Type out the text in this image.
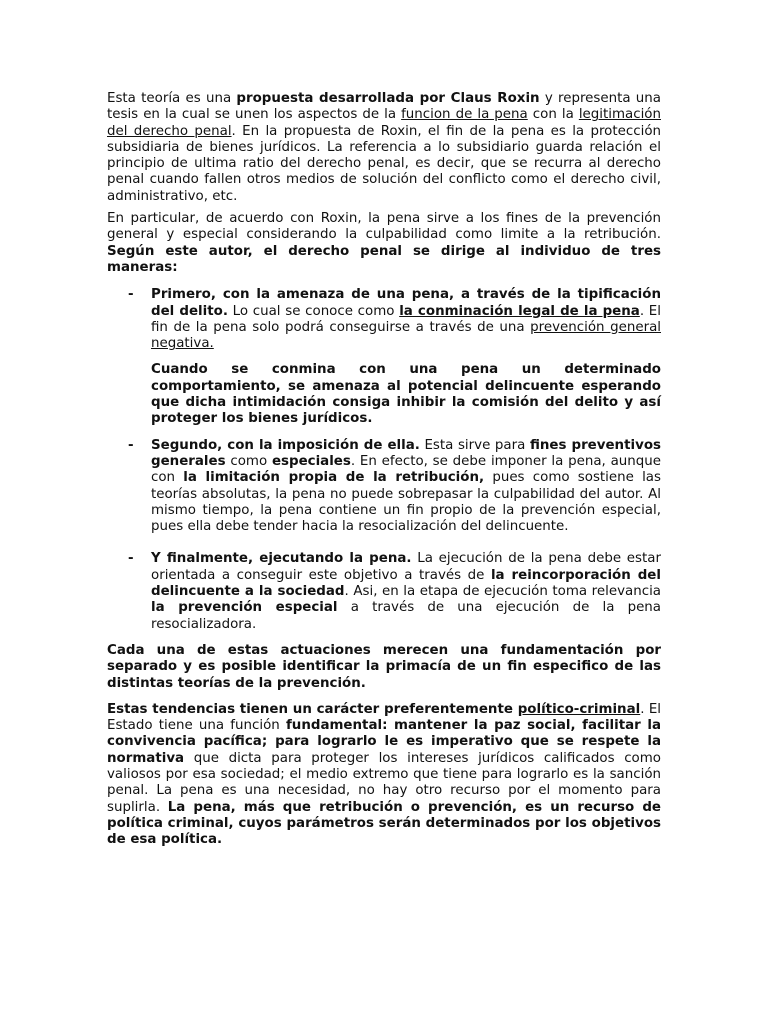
Esta teoría es una propuesta desarrollada por Claus Roxin y representa una tesis en la cual se unen los aspectos de la funcion de la pena con la legitimación del derecho penal. En la propuesta de Roxin, el fin de la pena es la protección subsidiaria de bienes jurídicos. La referencia a lo subsidiario guarda relación el principio de ultima ratio del derecho penal, es decir, que se recurra al derecho penal cuando fallen otros medios de solución del conflicto como el derecho civil, administrativo, etc.

En particular, de acuerdo con Roxin, la pena sirve a los fines de la prevención general y especial considerando la culpabilidad como limite a la retribución. Según este autor, el derecho penal se dirige al individuo de tres maneras:

- Primero, con la amenaza de una pena, a través de la tipificación del delito. Lo cual se conoce como la conminación legal de la pena. El fin de la pena solo podrá conseguirse a través de una prevención general negativa.
Cuando se conmina con una pena un determinado comportamiento, se amenaza al potencial delincuente esperando que dicha intimidación consiga inhibir la comisión del delito y así proteger los bienes jurídicos.
- Segundo, con la imposición de ella. Esta sirve para fines preventivos generales como especiales. En efecto, se debe imponer la pena, aunque con la limitación propia de la retribución, pues como sostiene las teorías absolutas, la pena no puede sobrepasar la culpabilidad del autor. Al mismo tiempo, la pena contiene un fin propio de la prevención especial, pues ella debe tender hacia la resocialización del delincuente.
- Y finalmente, ejecutando la pena. La ejecución de la pena debe estar orientada a conseguir este objetivo a través de la reincorporación del delincuente a la sociedad. Asi, en la etapa de ejecución toma relevancia la prevención especial a través de una ejecución de la pena resocializadora.

Cada una de estas actuaciones merecen una fundamentación por separado y es posible identificar la primacía de un fin especifico de las distintas teorías de la prevención.

Estas tendencias tienen un carácter preferentemente político-criminal. El Estado tiene una función fundamental: mantener la paz social, facilitar la convivencia pacífica; para lograrlo le es imperativo que se respete la normativa que dicta para proteger los intereses jurídicos calificados como valiosos por esa sociedad; el medio extremo que tiene para lograrlo es la sanción penal. La pena es una necesidad, no hay otro recurso por el momento para suplirla. La pena, más que retribución o prevención, es un recurso de política criminal, cuyos parámetros serán determinados por los objetivos de esa política.
